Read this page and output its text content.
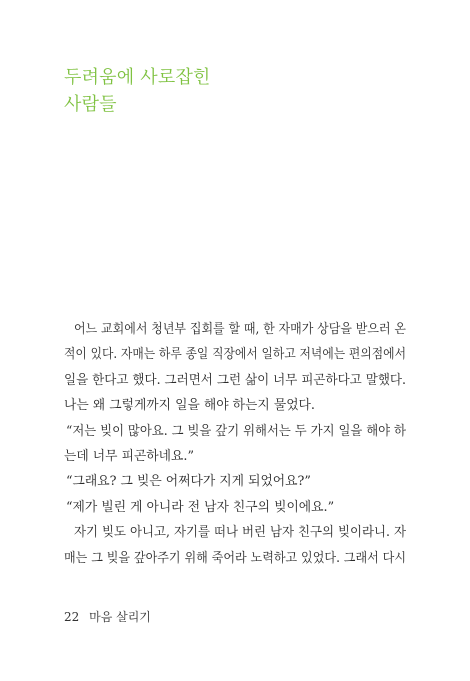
두려움에 사로잡힌
사람들
어느 교회에서 청년부 집회를 할 때, 한 자매가 상담을 받으러 온
적이 있다. 자매는 하루 종일 직장에서 일하고 저녁에는 편의점에서
일을 한다고 했다. 그러면서 그런 삶이 너무 피곤하다고 말했다.
나는 왜 그렇게까지 일을 해야 하는지 물었다.
“저는 빚이 많아요. 그 빚을 갚기 위해서는 두 가지 일을 해야 하
는데 너무 피곤하네요.”
“그래요? 그 빚은 어쩌다가 지게 되었어요?”
“제가 빌린 게 아니라 전 남자 친구의 빚이에요.”
자기 빚도 아니고, 자기를 떠나 버린 남자 친구의 빚이라니. 자
매는 그 빚을 갚아주기 위해 죽어라 노력하고 있었다. 그래서 다시
22 마음 살리기
